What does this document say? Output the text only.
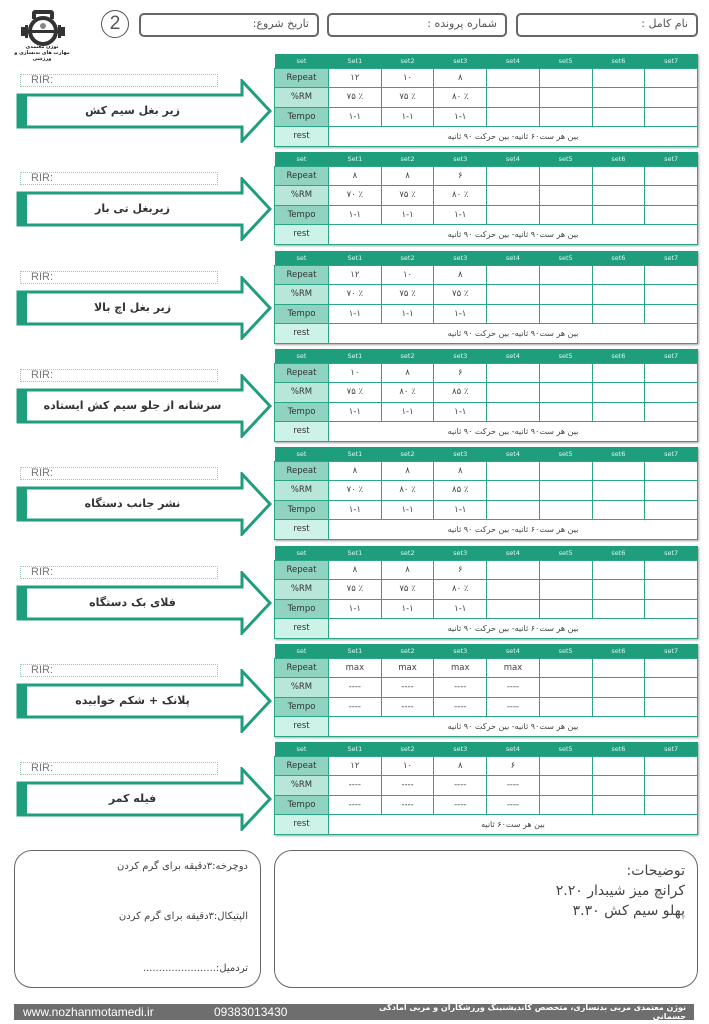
نوژن معتمدی
مهارت های بدنسازی و ورزشی
2	تاریخ شروع:	شماره پرونده :	نام کامل :
RIR:
زیر بغل سیم کش
set	Set1	set2	set3	set4	set5	set6	set7
Repeat	۱۲	۱۰	۸				
%RM	٪ ۷۵	٪ ۷۵	٪ ۸۰				
Tempo	۱-۱	۱-۱	۱-۱				
rest	بین هر ست۶۰ ثانیه- بین حرکت ۹۰ ثانیه						
RIR:
زیربغل تی بار
set	Set1	set2	set3	set4	set5	set6	set7
Repeat	۸	۸	۶				
%RM	٪ ۷۰	٪ ۷۵	٪ ۸۰				
Tempo	۱-۱	۱-۱	۱-۱				
rest	بین هر ست۹۰ ثانیه- بین حرکت ۹۰ ثانیه						
RIR:
زیر بغل اچ بالا
set	Set1	set2	set3	set4	set5	set6	set7
Repeat	۱۲	۱۰	۸				
%RM	٪ ۷۰	٪ ۷۵	٪ ۷۵				
Tempo	۱-۱	۱-۱	۱-۱				
rest	بین هر ست۹۰ ثانیه- بین حرکت ۹۰ ثانیه						
RIR:
سرشانه از جلو سیم کش ایستاده
set	Set1	set2	set3	set4	set5	set6	set7
Repeat	۱۰	۸	۶				
%RM	٪ ۷۵	٪ ۸۰	٪ ۸۵				
Tempo	۱-۱	۱-۱	۱-۱				
rest	بین هر ست۹۰ ثانیه- بین حرکت ۹۰ ثانیه						
RIR:
نشر جانب دستگاه
set	Set1	set2	set3	set4	set5	set6	set7
Repeat	۸	۸	۸				
%RM	٪ ۷۰	٪ ۸۰	٪ ۸۵				
Tempo	۱-۱	۱-۱	۱-۱				
rest	بین هر ست۶۰ ثانیه- بین حرکت ۹۰ ثانیه						
RIR:
فلای بک دستگاه
set	Set1	set2	set3	set4	set5	set6	set7
Repeat	۸	۸	۶				
%RM	٪ ۷۵	٪ ۷۵	٪ ۸۰				
Tempo	۱-۱	۱-۱	۱-۱				
rest	بین هر ست۶۰ ثانیه- بین حرکت ۹۰ ثانیه						
RIR:
پلانک + شکم خوابیده
set	Set1	set2	set3	set4	set5	set6	set7
Repeat	max	max	max	max			
%RM	----	----	----	----			
Tempo	----	----	----	----			
rest	بین هر ست۹۰ ثانیه- بین حرکت ۹۰ ثانیه						
RIR:
فیله کمر
set	Set1	set2	set3	set4	set5	set6	set7
Repeat	۱۲	۱۰	۸	۶			
%RM	----	----	----	----			
Tempo	----	----	----	----			
rest	بین هر ست۶۰ ثانیه						
دوچرخه:۳دقیقه برای گرم کردن
الپتیکال:۳دقیقه برای گرم کردن
تردمیل:.......................
توضیحات:
کرانچ میز شیبدار ۲.۲۰
پهلو سیم کش ۳.۳۰
www.nozhanmotamedi.ir	09383013430	نوژن معتمدی مربی بدنسازی، متخصص کاندیشنینگ ورزشکاران و مربی آمادگی جسمانی
